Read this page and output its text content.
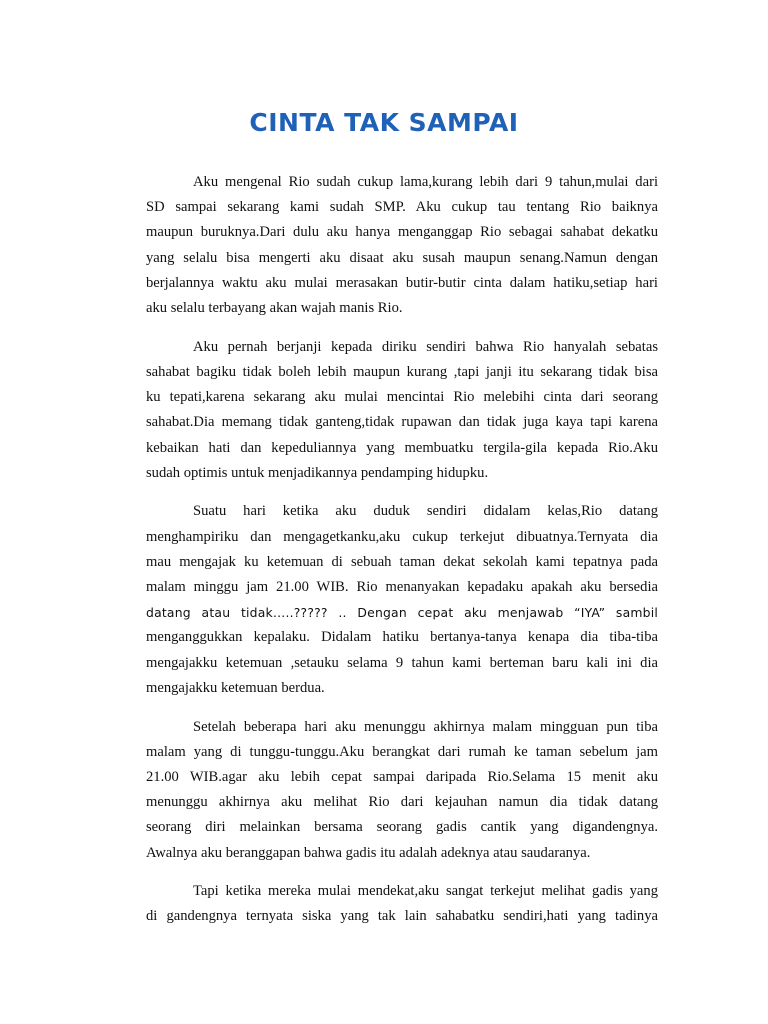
CINTA TAK SAMPAI
Aku mengenal Rio sudah cukup lama,kurang lebih dari 9 tahun,mulai dari
SD sampai sekarang kami sudah SMP. Aku cukup tau tentang Rio baiknya
maupun buruknya.Dari dulu aku hanya menganggap Rio sebagai sahabat dekatku
yang selalu bisa mengerti aku disaat aku susah maupun senang.Namun dengan
berjalannya waktu aku mulai merasakan butir-butir cinta dalam hatiku,setiap hari
aku selalu terbayang akan wajah manis Rio.
Aku pernah berjanji kepada diriku sendiri bahwa Rio hanyalah sebatas
sahabat bagiku tidak boleh lebih maupun kurang ,tapi janji itu sekarang tidak bisa
ku tepati,karena sekarang aku mulai mencintai Rio melebihi cinta dari seorang
sahabat.Dia memang tidak ganteng,tidak rupawan dan tidak juga kaya tapi karena
kebaikan hati dan kepeduliannya yang membuatku tergila-gila kepada Rio.Aku
sudah optimis untuk menjadikannya pendamping hidupku.
Suatu hari ketika aku duduk sendiri didalam kelas,Rio datang
menghampiriku dan mengagetkanku,aku cukup terkejut dibuatnya.Ternyata dia
mau mengajak ku ketemuan di sebuah taman dekat sekolah kami tepatnya pada
malam minggu jam 21.00 WIB. Rio menanyakan kepadaku apakah aku bersedia
datang atau tidak…..????? .. Dengan cepat aku menjawab “IYA” sambil
menganggukkan kepalaku. Didalam hatiku bertanya-tanya kenapa dia tiba-tiba
mengajakku ketemuan ,setauku selama 9 tahun kami berteman baru kali ini dia
mengajakku ketemuan berdua.
Setelah beberapa hari aku menunggu akhirnya malam mingguan pun tiba
malam yang di tunggu-tunggu.Aku berangkat dari rumah ke taman sebelum jam
21.00 WIB.agar aku lebih cepat sampai daripada Rio.Selama 15 menit aku
menunggu akhirnya aku melihat Rio dari kejauhan namun dia tidak datang
seorang diri melainkan bersama seorang gadis cantik yang digandengnya.
Awalnya aku beranggapan bahwa gadis itu adalah adeknya atau saudaranya.
Tapi ketika mereka mulai mendekat,aku sangat terkejut melihat gadis yang
di gandengnya ternyata siska yang tak lain sahabatku sendiri,hati yang tadinya
